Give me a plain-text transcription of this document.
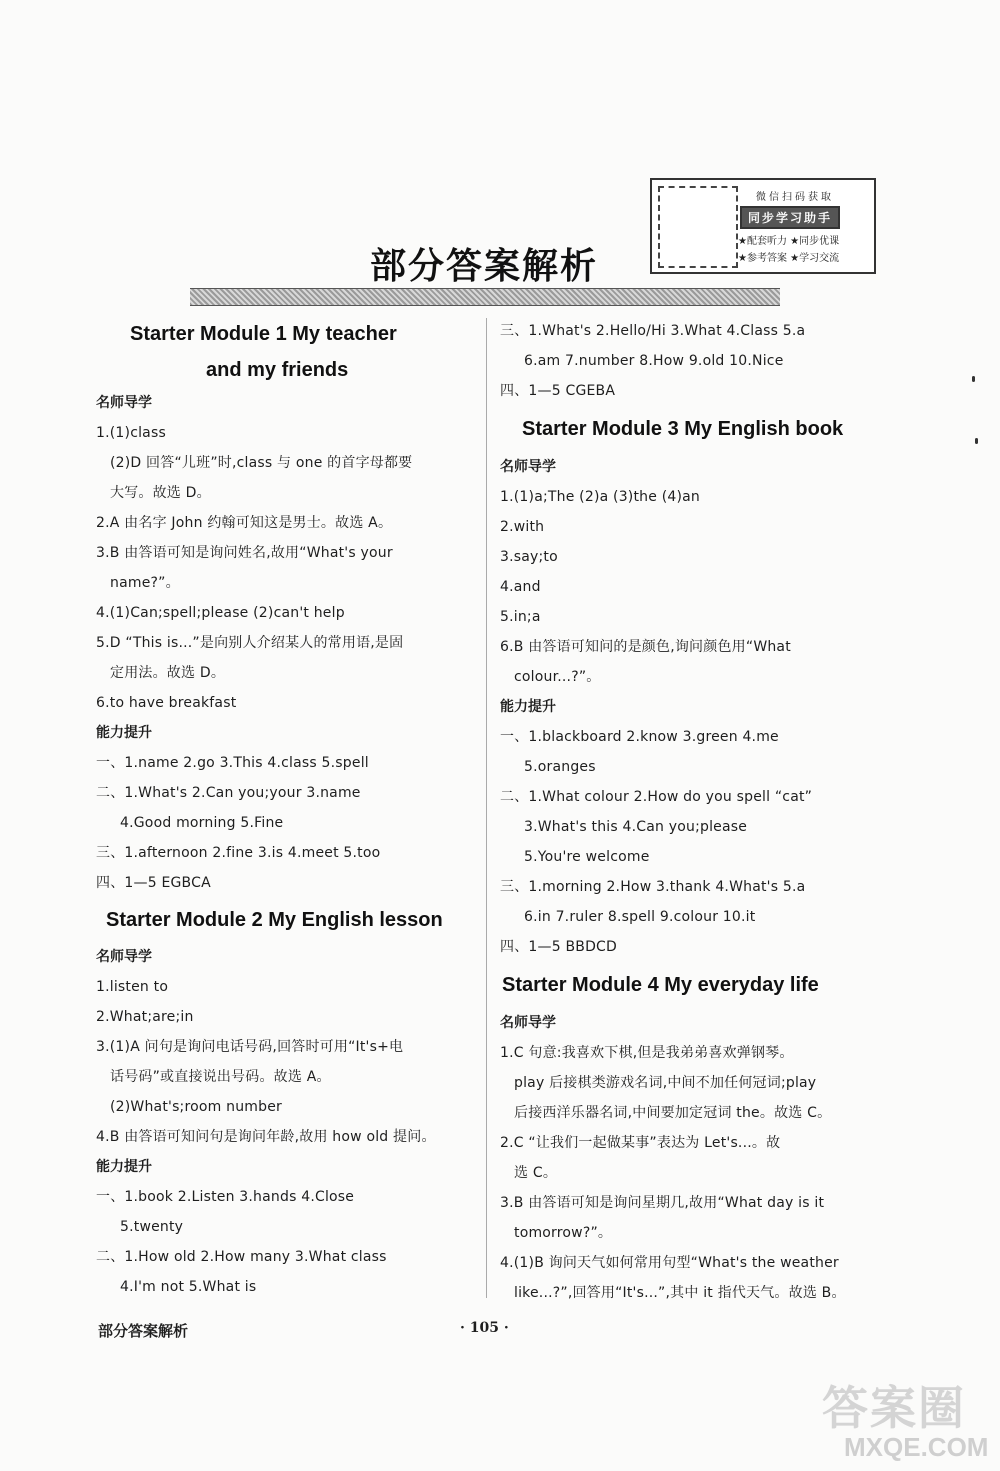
微信扫码获取
同步学习助手
★配套听力 ★同步优课
★参考答案 ★学习交流
部分答案解析
Starter Module 1 My teacher
and my friends
名师导学
1.(1)class
(2)D 回答“儿班”时,class 与 one 的首字母都要
大写。故选 D。
2.A 由名字 John 约翰可知这是男士。故选 A。
3.B 由答语可知是询问姓名,故用“What's your
name?”。
4.(1)Can;spell;please (2)can't help
5.D “This is...”是向别人介绍某人的常用语,是固
定用法。故选 D。
6.to have breakfast
能力提升
一、1.name 2.go 3.This 4.class 5.spell
二、1.What's 2.Can you;your 3.name
4.Good morning 5.Fine
三、1.afternoon 2.fine 3.is 4.meet 5.too
四、1—5 EGBCA
Starter Module 2 My English lesson
名师导学
1.listen to
2.What;are;in
3.(1)A 问句是询问电话号码,回答时可用“It's+电
话号码”或直接说出号码。故选 A。
(2)What's;room number
4.B 由答语可知问句是询问年龄,故用 how old 提问。
能力提升
一、1.book 2.Listen 3.hands 4.Close
5.twenty
二、1.How old 2.How many 3.What class
4.I'm not 5.What is
三、1.What's 2.Hello/Hi 3.What 4.Class 5.a
6.am 7.number 8.How 9.old 10.Nice
四、1—5 CGEBA
Starter Module 3 My English book
名师导学
1.(1)a;The (2)a (3)the (4)an
2.with
3.say;to
4.and
5.in;a
6.B 由答语可知问的是颜色,询问颜色用“What
colour...?”。
能力提升
一、1.blackboard 2.know 3.green 4.me
5.oranges
二、1.What colour 2.How do you spell “cat”
3.What's this 4.Can you;please
5.You're welcome
三、1.morning 2.How 3.thank 4.What's 5.a
6.in 7.ruler 8.spell 9.colour 10.it
四、1—5 BBDCD
Starter Module 4 My everyday life
名师导学
1.C 句意:我喜欢下棋,但是我弟弟喜欢弹钢琴。
play 后接棋类游戏名词,中间不加任何冠词;play
后接西洋乐器名词,中间要加定冠词 the。故选 C。
2.C “让我们一起做某事”表达为 Let's...。故
选 C。
3.B 由答语可知是询问星期几,故用“What day is it
tomorrow?”。
4.(1)B 询问天气如何常用句型“What's the weather
like...?”,回答用“It's...”,其中 it 指代天气。故选 B。
部分答案解析	· 105 ·
答案圈
MXQE.COM
